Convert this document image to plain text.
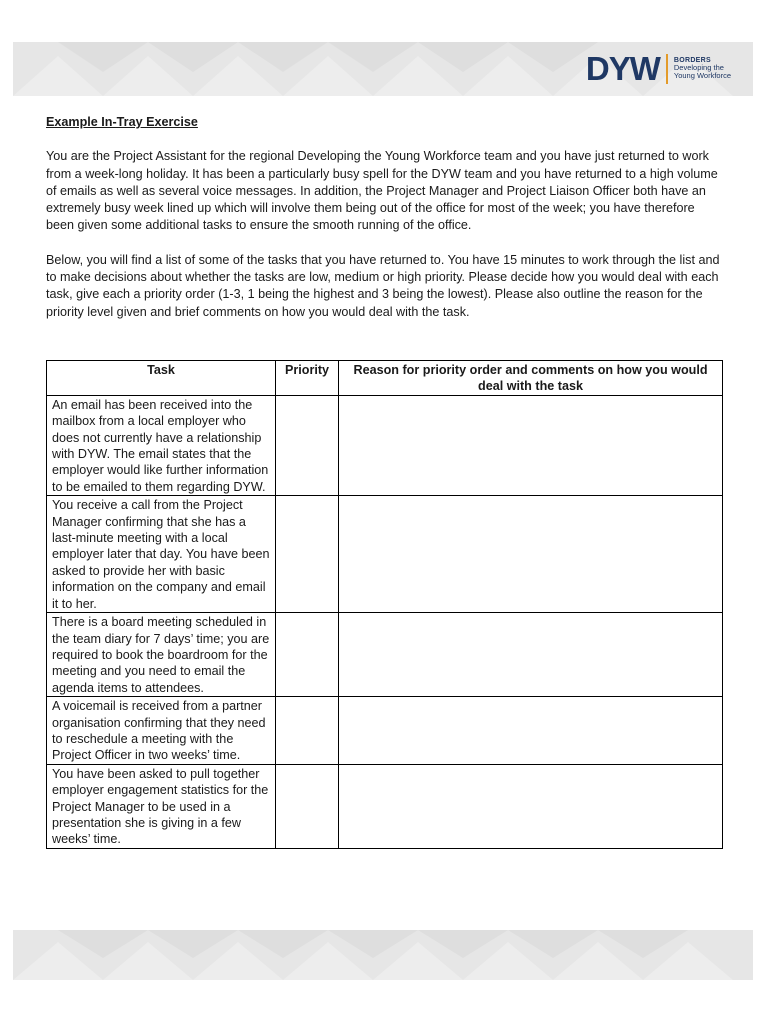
DYW BORDERS
Developing the
Young Workforce

Example In-Tray Exercise

You are the Project Assistant for the regional Developing the Young Workforce team and you have just returned to work from a week-long holiday. It has been a particularly busy spell for the DYW team and you have returned to a high volume of emails as well as several voice messages. In addition, the Project Manager and Project Liaison Officer both have an extremely busy week lined up which will involve them being out of the office for most of the week; you have therefore been given some additional tasks to ensure the smooth running of the office.

Below, you will find a list of some of the tasks that you have returned to. You have 15 minutes to work through the list and to make decisions about whether the tasks are low, medium or high priority. Please decide how you would deal with each task, give each a priority order (1-3, 1 being the highest and 3 being the lowest). Please also outline the reason for the priority level given and brief comments on how you would deal with the task.

Task	Priority	Reason for priority order and comments on how you would deal with the task
An email has been received into the mailbox from a local employer who does not currently have a relationship with DYW. The email states that the employer would like further information to be emailed to them regarding DYW.		
You receive a call from the Project Manager confirming that she has a last-minute meeting with a local employer later that day. You have been asked to provide her with basic information on the company and email it to her.		
There is a board meeting scheduled in the team diary for 7 days’ time; you are required to book the boardroom for the meeting and you need to email the agenda items to attendees.		
A voicemail is received from a partner organisation confirming that they need to reschedule a meeting with the Project Officer in two weeks’ time.		
You have been asked to pull together employer engagement statistics for the Project Manager to be used in a presentation she is giving in a few weeks’ time.		
